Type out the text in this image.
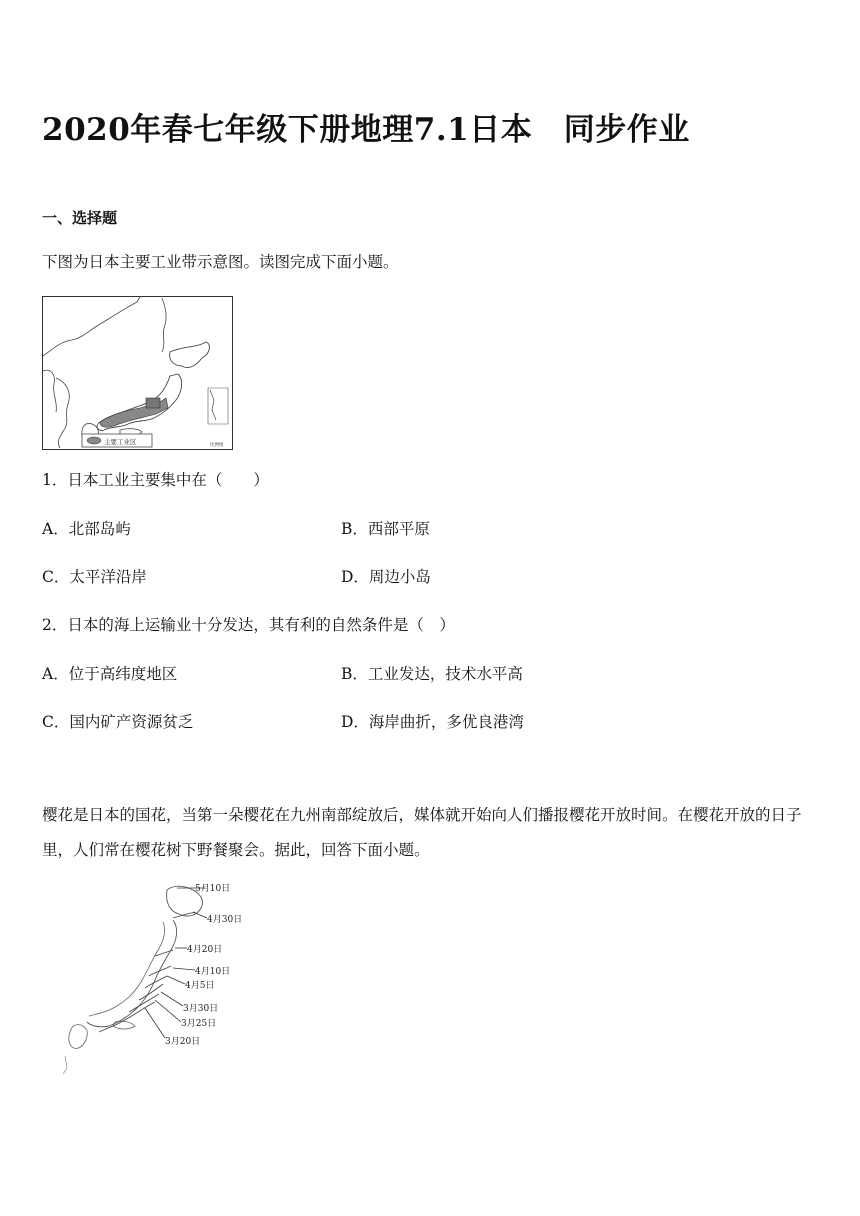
2020年春七年级下册地理7.1日本　同步作业
一、选择题
下图为日本主要工业带示意图。读图完成下面小题。
主要工业区	比例图
1．日本工业主要集中在（　　）
A．北部岛屿	B．西部平原
C．太平洋沿岸	D．周边小岛
2．日本的海上运输业十分发达，其有利的自然条件是（　）
A．位于高纬度地区	B．工业发达，技术水平高
C．国内矿产资源贫乏	D．海岸曲折，多优良港湾
樱花是日本的国花，当第一朵樱花在九州南部绽放后，媒体就开始向人们播报樱花开放时间。在樱花开放的日子里，人们常在樱花树下野餐聚会。据此，回答下面小题。
5月10日
4月30日
4月20日
4月10日
4月5日
3月30日
3月25日
3月20日
